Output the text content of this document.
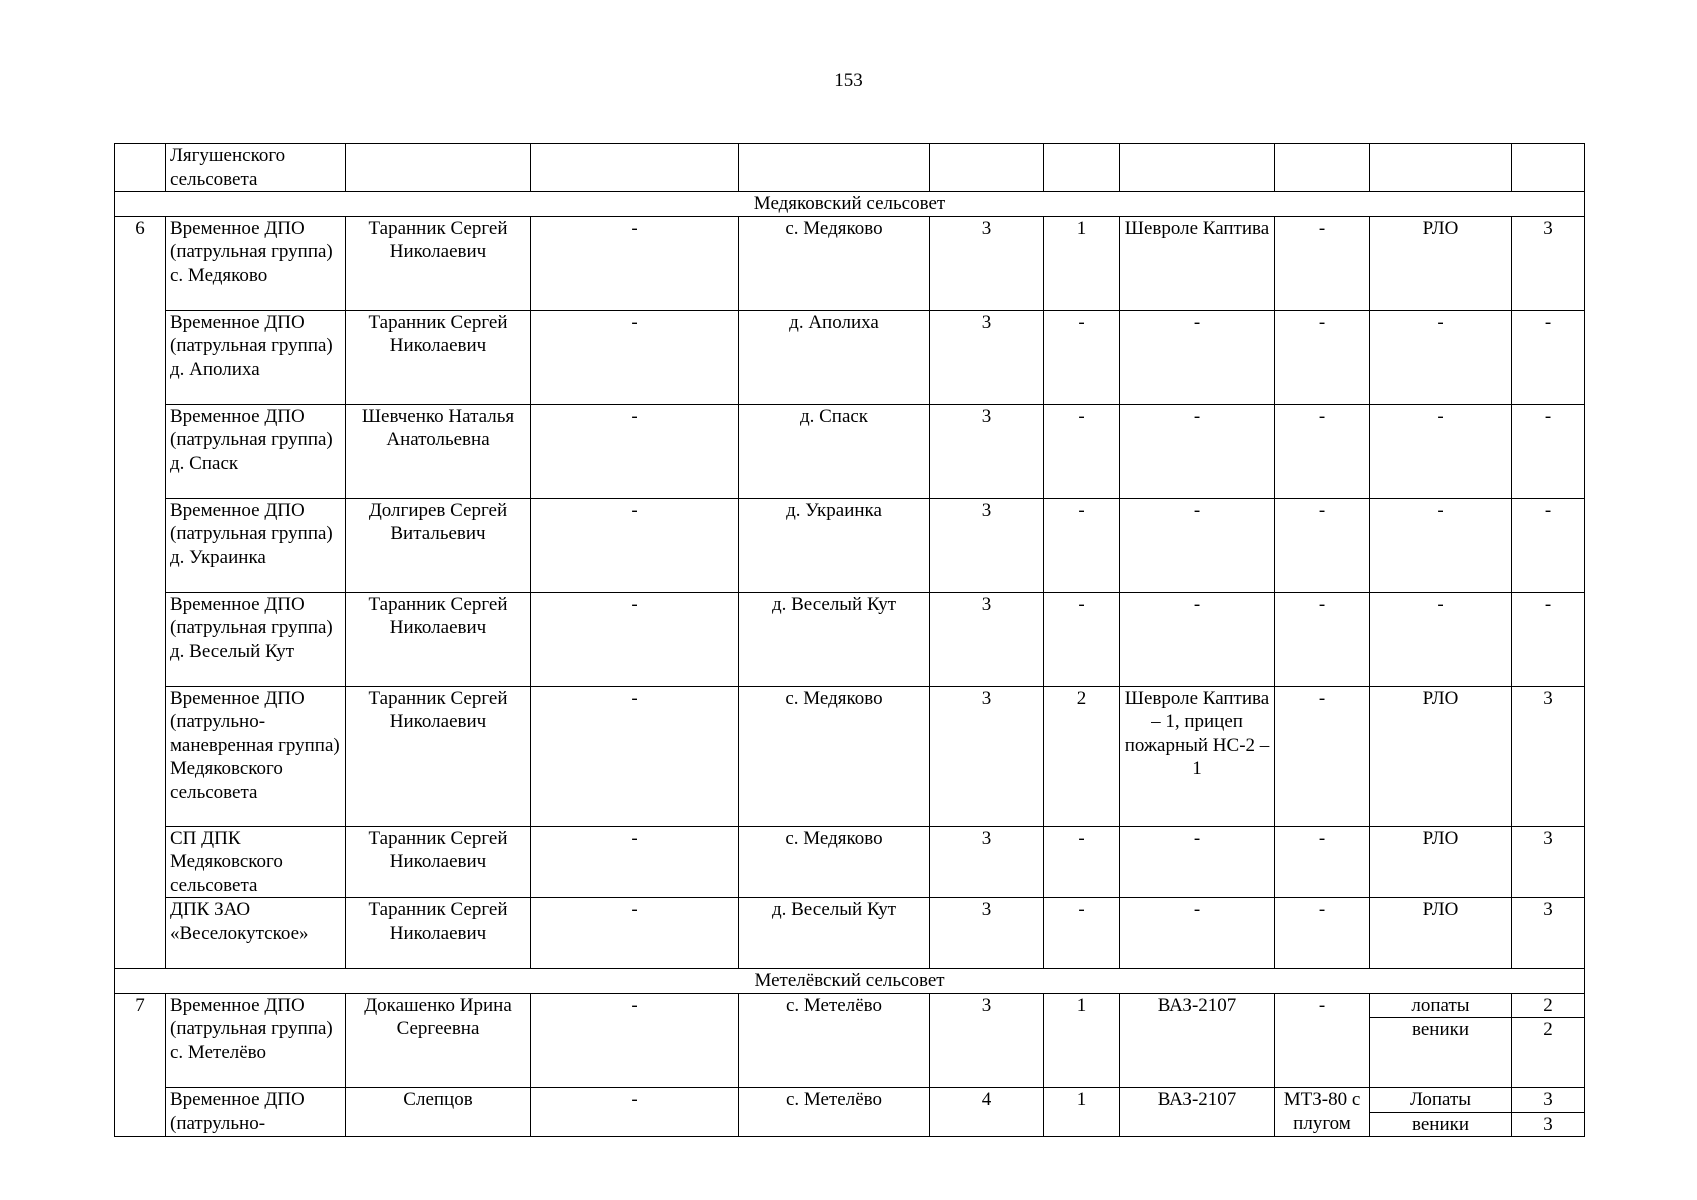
153
	Лягушенского сельсовета									
Медяковский сельсовет										
6	Временное ДПО (патрульная группа) с. Медяково	Таранник Сергей Николаевич	-	с. Медяково	3	1	Шевроле Каптива	-	РЛО	3
	Временное ДПО (патрульная группа) д. Аполиха	Таранник Сергей Николаевич	-	д. Аполиха	3	-	-	-	-	-
	Временное ДПО (патрульная группа) д. Спаск	Шевченко Наталья Анатольевна	-	д. Спаск	3	-	-	-	-	-
	Временное ДПО (патрульная группа) д. Украинка	Долгирев Сергей Витальевич	-	д. Украинка	3	-	-	-	-	-
	Временное ДПО (патрульная группа) д. Веселый Кут	Таранник Сергей Николаевич	-	д. Веселый Кут	3	-	-	-	-	-
	Временное ДПО (патрульно-маневренная группа) Медяковского сельсовета	Таранник Сергей Николаевич	-	с. Медяково	3	2	Шевроле Каптива – 1, прицеп пожарный НС-2 – 1	-	РЛО	3
	СП ДПК Медяковского сельсовета	Таранник Сергей Николаевич	-	с. Медяково	3	-	-	-	РЛО	3
	ДПК ЗАО «Веселокутское»	Таранник Сергей Николаевич	-	д. Веселый Кут	3	-	-	-	РЛО	3
Метелёвский сельсовет										
7	Временное ДПО (патрульная группа) с. Метелёво	Докашенко Ирина Сергеевна	-	с. Метелёво	3	1	ВАЗ-2107	-	лопаты	2
									веники	2
	Временное ДПО (патрульно-	Слепцов	-	с. Метелёво	4	1	ВАЗ-2107	МТЗ-80 с плугом	Лопаты	3
									веники	3
